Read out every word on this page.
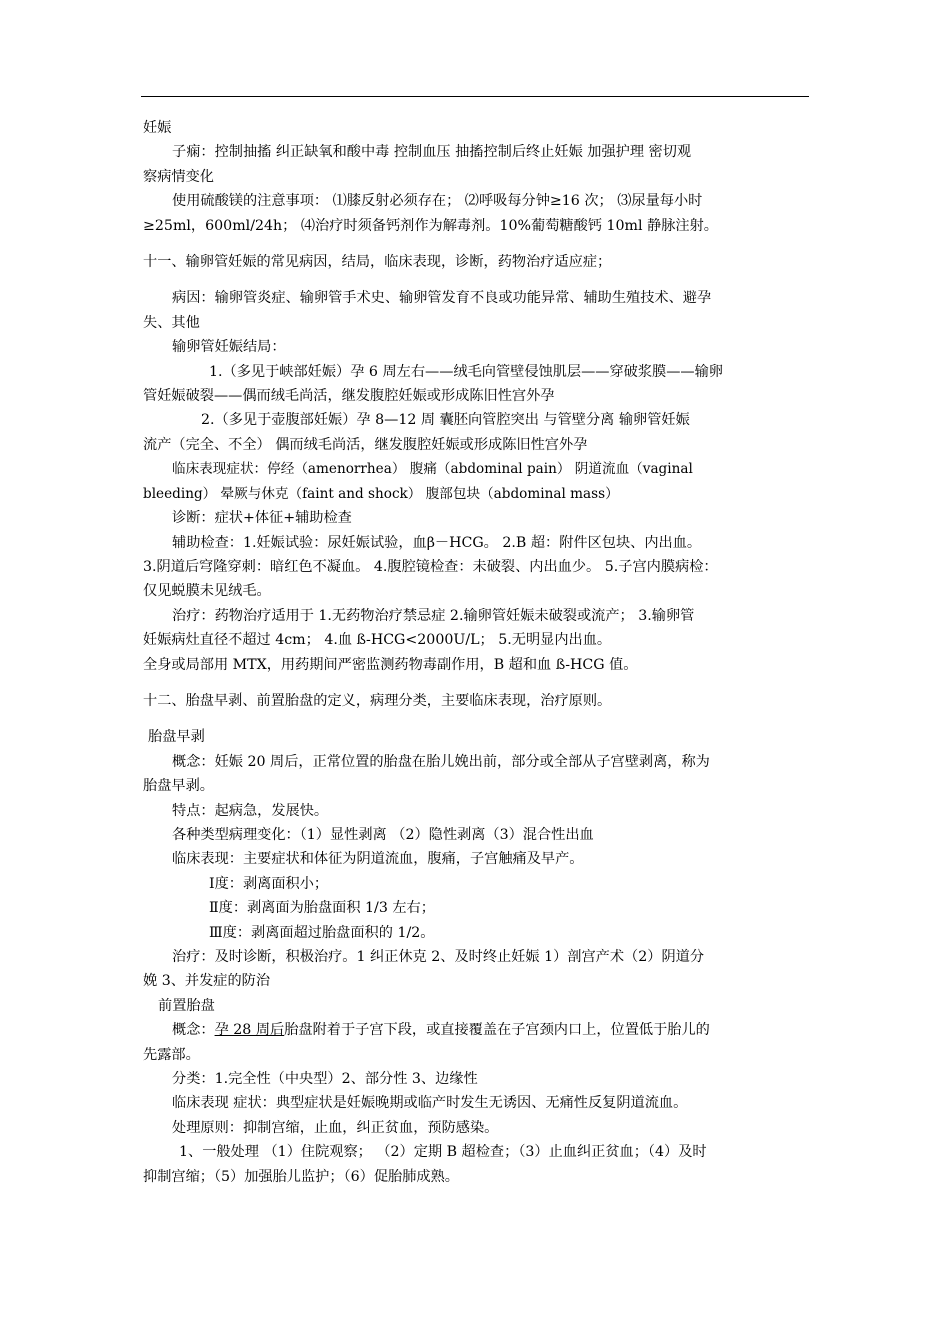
妊娠

子痫：控制抽搐 纠正缺氧和酸中毒 控制血压 抽搐控制后终止妊娠 加强护理 密切观

察病情变化

使用硫酸镁的注意事项： ⑴膝反射必须存在； ⑵呼吸每分钟≥16 次； ⑶尿量每小时

≥25ml，600ml/24h； ⑷治疗时须备钙剂作为解毒剂。10%葡萄糖酸钙 10ml 静脉注射。

十一、输卵管妊娠的常见病因，结局，临床表现，诊断，药物治疗适应症；

病因：输卵管炎症、输卵管手术史、输卵管发育不良或功能异常、辅助生殖技术、避孕

失、其他

输卵管妊娠结局：

1.（多见于峡部妊娠）孕 6 周左右——绒毛向管壁侵蚀肌层——穿破浆膜——输卵

管妊娠破裂——偶而绒毛尚活，继发腹腔妊娠或形成陈旧性宫外孕

2.（多见于壶腹部妊娠）孕 8—12 周 囊胚向管腔突出 与管壁分离 输卵管妊娠

流产（完全、不全） 偶而绒毛尚活，继发腹腔妊娠或形成陈旧性宫外孕

临床表现症状：停经（amenorrhea） 腹痛（abdominal pain） 阴道流血（vaginal

bleeding） 晕厥与休克（faint and shock） 腹部包块（abdominal mass）

诊断：症状+体征+辅助检查

辅助检查：1.妊娠试验：尿妊娠试验，血β－HCG。 2.B 超：附件区包块、内出血。

3.阴道后穹隆穿刺：暗红色不凝血。 4.腹腔镜检查：未破裂、内出血少。 5.子宫内膜病检：

仅见蜕膜未见绒毛。

治疗：药物治疗适用于 1.无药物治疗禁忌症 2.输卵管妊娠未破裂或流产； 3.输卵管

妊娠病灶直径不超过 4cm； 4.血 ß-HCG<2000U/L； 5.无明显内出血。

全身或局部用 MTX，用药期间严密监测药物毒副作用，B 超和血 ß-HCG 值。

十二、胎盘早剥、前置胎盘的定义，病理分类，主要临床表现，治疗原则。

胎盘早剥

概念：妊娠 20 周后，正常位置的胎盘在胎儿娩出前，部分或全部从子宫壁剥离，称为

胎盘早剥。

特点：起病急，发展快。

各种类型病理变化：（1）显性剥离 （2）隐性剥离（3）混合性出血

临床表现：主要症状和体征为阴道流血，腹痛，子宫触痛及早产。

Ⅰ度：剥离面积小；

Ⅱ度：剥离面为胎盘面积 1/3 左右；

Ⅲ度：剥离面超过胎盘面积的 1/2。

治疗：及时诊断，积极治疗。1 纠正休克 2、及时终止妊娠 1）剖宫产术（2）阴道分

娩 3、并发症的防治

前置胎盘

概念：孕 28 周后胎盘附着于子宫下段，或直接覆盖在子宫颈内口上，位置低于胎儿的

先露部。

分类：1.完全性（中央型）2、部分性 3、边缘性

临床表现 症状：典型症状是妊娠晚期或临产时发生无诱因、无痛性反复阴道流血。

处理原则：抑制宫缩，止血，纠正贫血，预防感染。

1、一般处理 （1）住院观察； （2）定期 B 超检查；（3）止血纠正贫血；（4）及时

抑制宫缩；（5）加强胎儿监护；（6）促胎肺成熟。
